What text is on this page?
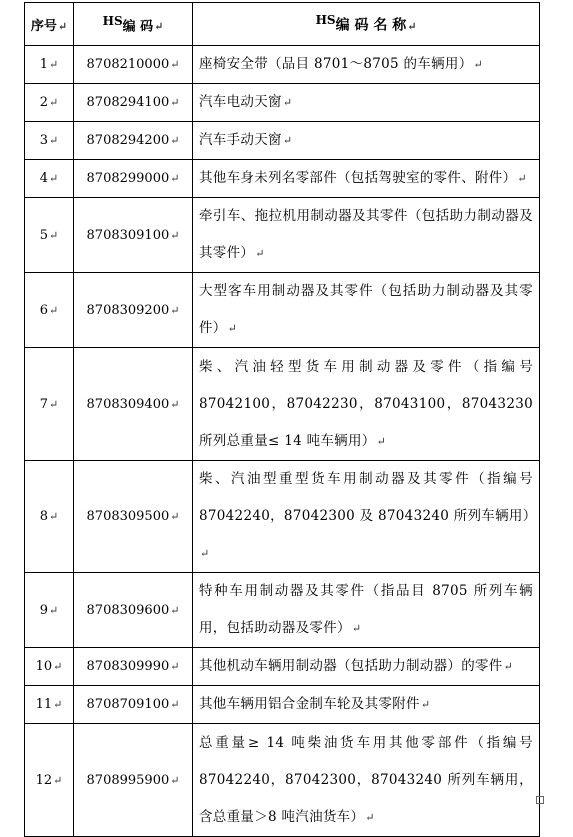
序号↵	HS编 码↵	HS编 码 名 称↵
1↵	8708210000↵	座椅安全带（品目 8701～8705 的车辆用）↵
2↵	8708294100↵	汽车电动天窗↵
3↵	8708294200↵	汽车手动天窗↵
4↵	8708299000↵	其他车身未列名零部件（包括驾驶室的零件、附件）↵
5↵	8708309100↵	牵引车、拖拉机用制动器及其零件（包括助力制动器及其零件）↵
6↵	8708309200↵	大型客车用制动器及其零件（包括助力制动器及其零件）↵
7↵	8708309400↵	柴、汽油轻型货车用制动器及零件（指编号 87042100，87042230，87043100，87043230 所列总重量≤ 14 吨车辆用）↵
8↵	8708309500↵	柴、汽油型重型货车用制动器及其零件（指编号 87042240，87042300 及 87043240 所列车辆用）↵
9↵	8708309600↵	特种车用制动器及其零件（指品目 8705 所列车辆用，包括助动器及零件）↵
10↵	8708309990↵	其他机动车辆用制动器（包括助力制动器）的零件↵
11↵	8708709100↵	其他车辆用铝合金制车轮及其零附件↵
12↵	8708995900↵	总重量≥ 14 吨柴油货车用其他零部件（指编号 87042240，87042300，87043240 所列车辆用，含总重量＞8 吨汽油货车）↵
